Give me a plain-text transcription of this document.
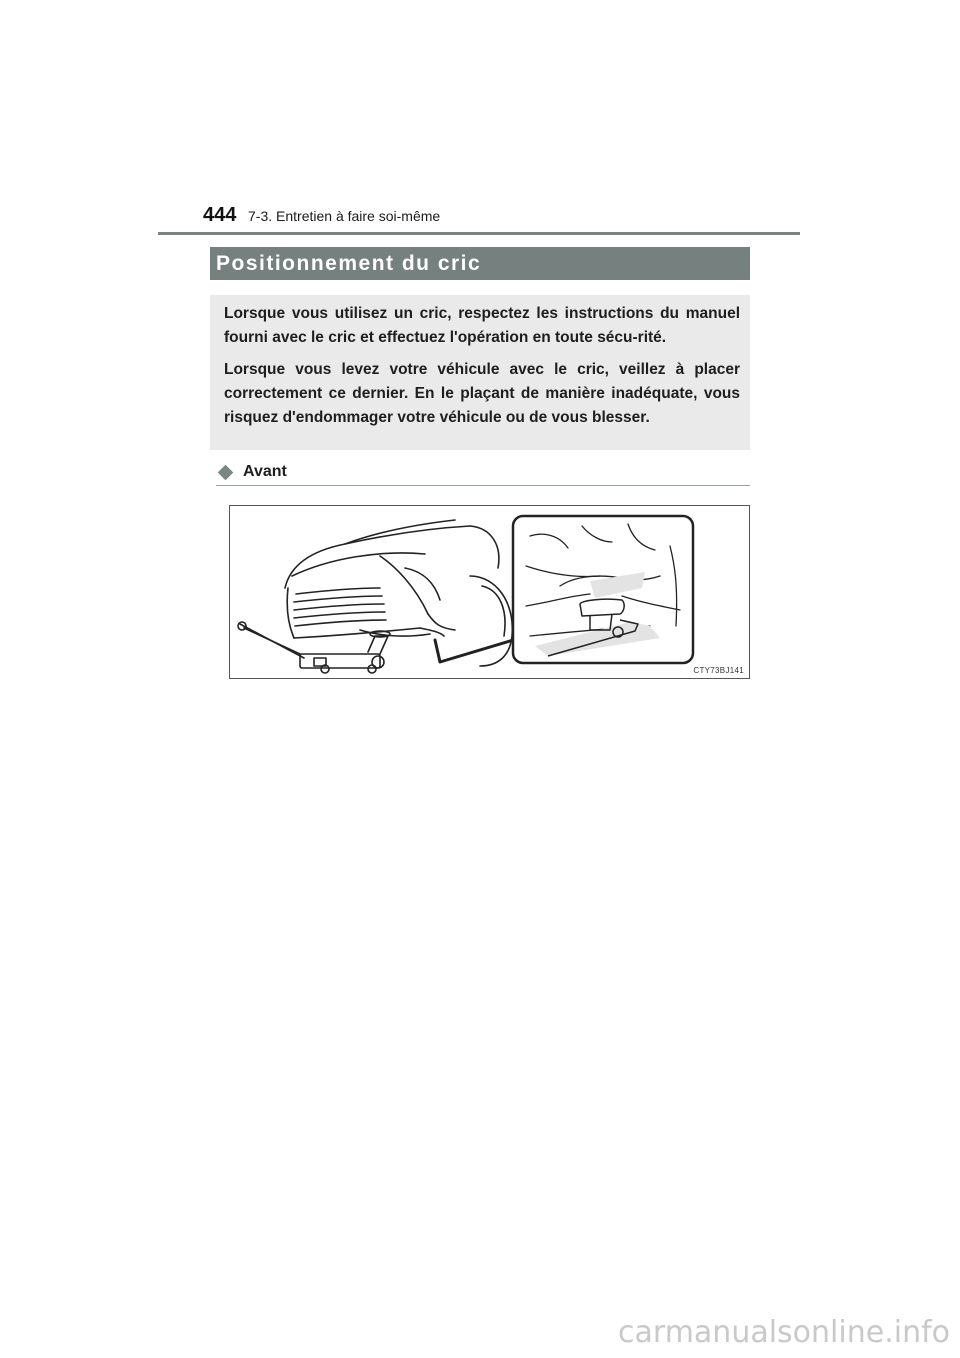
444 7-3. Entretien à faire soi-même
Positionnement du cric

Lorsque vous utilisez un cric, respectez les instructions du manuel fourni avec le cric et effectuez l'opération en toute sécu-rité.

Lorsque vous levez votre véhicule avec le cric, veillez à placer correctement ce dernier. En le plaçant de manière inadéquate, vous risquez d'endommager votre véhicule ou de vous blesser.

Avant
CTY73BJ141
carmanualsonline.info
